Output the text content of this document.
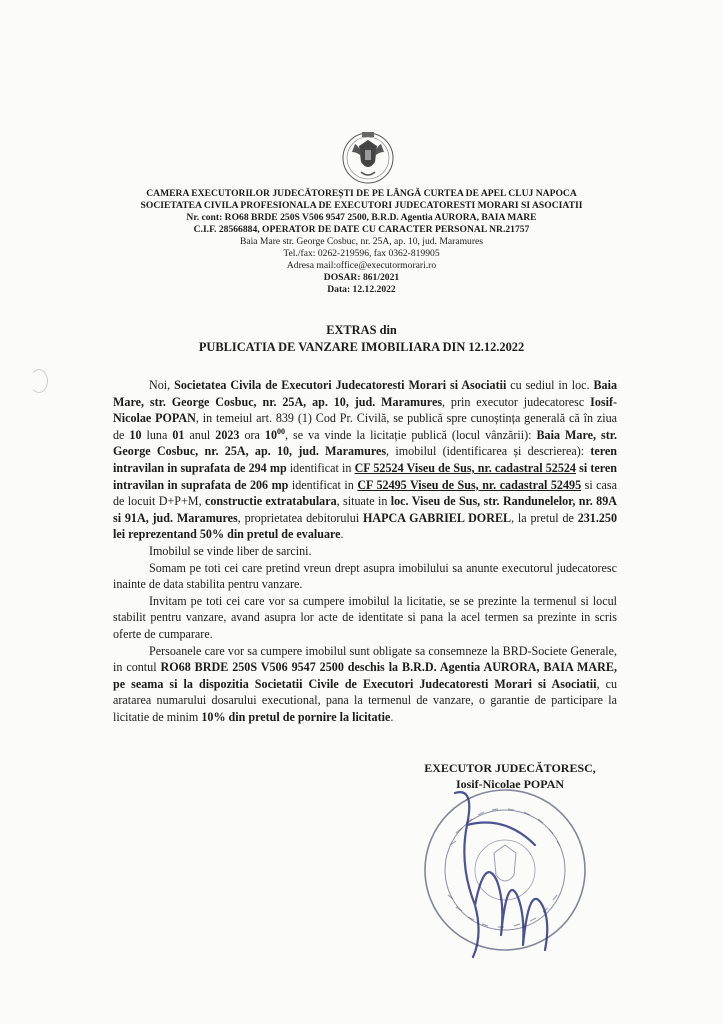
CAMERA EXECUTORILOR JUDECĂTOREȘTI DE PE LÂNGĂ CURTEA DE APEL CLUJ NAPOCA
SOCIETATEA CIVILA PROFESIONALA DE EXECUTORI JUDECATORESTI MORARI SI ASOCIATII
Nr. cont: RO68 BRDE 250S V506 9547 2500, B.R.D. Agentia AURORA, BAIA MARE
C.I.F. 28566884, OPERATOR DE DATE CU CARACTER PERSONAL NR.21757
Baia Mare str. George Cosbuc, nr. 25A, ap. 10, jud. Maramures
Tel./fax: 0262-219596, fax 0362-819905
Adresa mail:office@executormorari.ro
DOSAR: 861/2021
Data: 12.12.2022
EXTRAS din
PUBLICATIA DE VANZARE IMOBILIARA DIN 12.12.2022

Noi, Societatea Civila de Executori Judecatoresti Morari si Asociatii cu sediul in loc. Baia Mare, str. George Cosbuc, nr. 25A, ap. 10, jud. Maramures, prin executor judecatoresc Iosif-Nicolae POPAN, in temeiul art. 839 (1) Cod Pr. Civilă, se publică spre cunoștința generală că în ziua de 10 luna 01 anul 2023 ora $10^{00}$, se va vinde la licitație publică (locul vânzării): Baia Mare, str. George Cosbuc, nr. 25A, ap. 10, jud. Maramures, imobilul (identificarea și descrierea): teren intravilan in suprafata de 294 mp identificat in CF 52524 Viseu de Sus, nr. cadastral 52524 si teren intravilan in suprafata de 206 mp identificat in CF 52495 Viseu de Sus, nr. cadastral 52495 si casa de locuit D+P+M, constructie extratabulara, situate in loc. Viseu de Sus, str. Randunelelor, nr. 89A si 91A, jud. Maramures, proprietatea debitorului HAPCA GABRIEL DOREL, la pretul de 231.250 lei reprezentand 50% din pretul de evaluare.

Imobilul se vinde liber de sarcini.

Somam pe toti cei care pretind vreun drept asupra imobilului sa anunte executorul judecatoresc inainte de data stabilita pentru vanzare.

Invitam pe toti cei care vor sa cumpere imobilul la licitatie, se se prezinte la termenul si locul stabilit pentru vanzare, avand asupra lor acte de identitate si pana la acel termen sa prezinte in scris oferte de cumparare.

Persoanele care vor sa cumpere imobilul sunt obligate sa consemneze la BRD-Societe Generale, in contul RO68 BRDE 250S V506 9547 2500 deschis la B.R.D. Agentia AURORA, BAIA MARE, pe seama si la dispozitia Societatii Civile de Executori Judecatoresti Morari si Asociatii, cu aratarea numarului dosarului executional, pana la termenul de vanzare, o garantie de participare la licitatie de minim 10% din pretul de pornire la licitatie.

EXECUTOR JUDECĂTORESC,
Iosif-Nicolae POPAN
